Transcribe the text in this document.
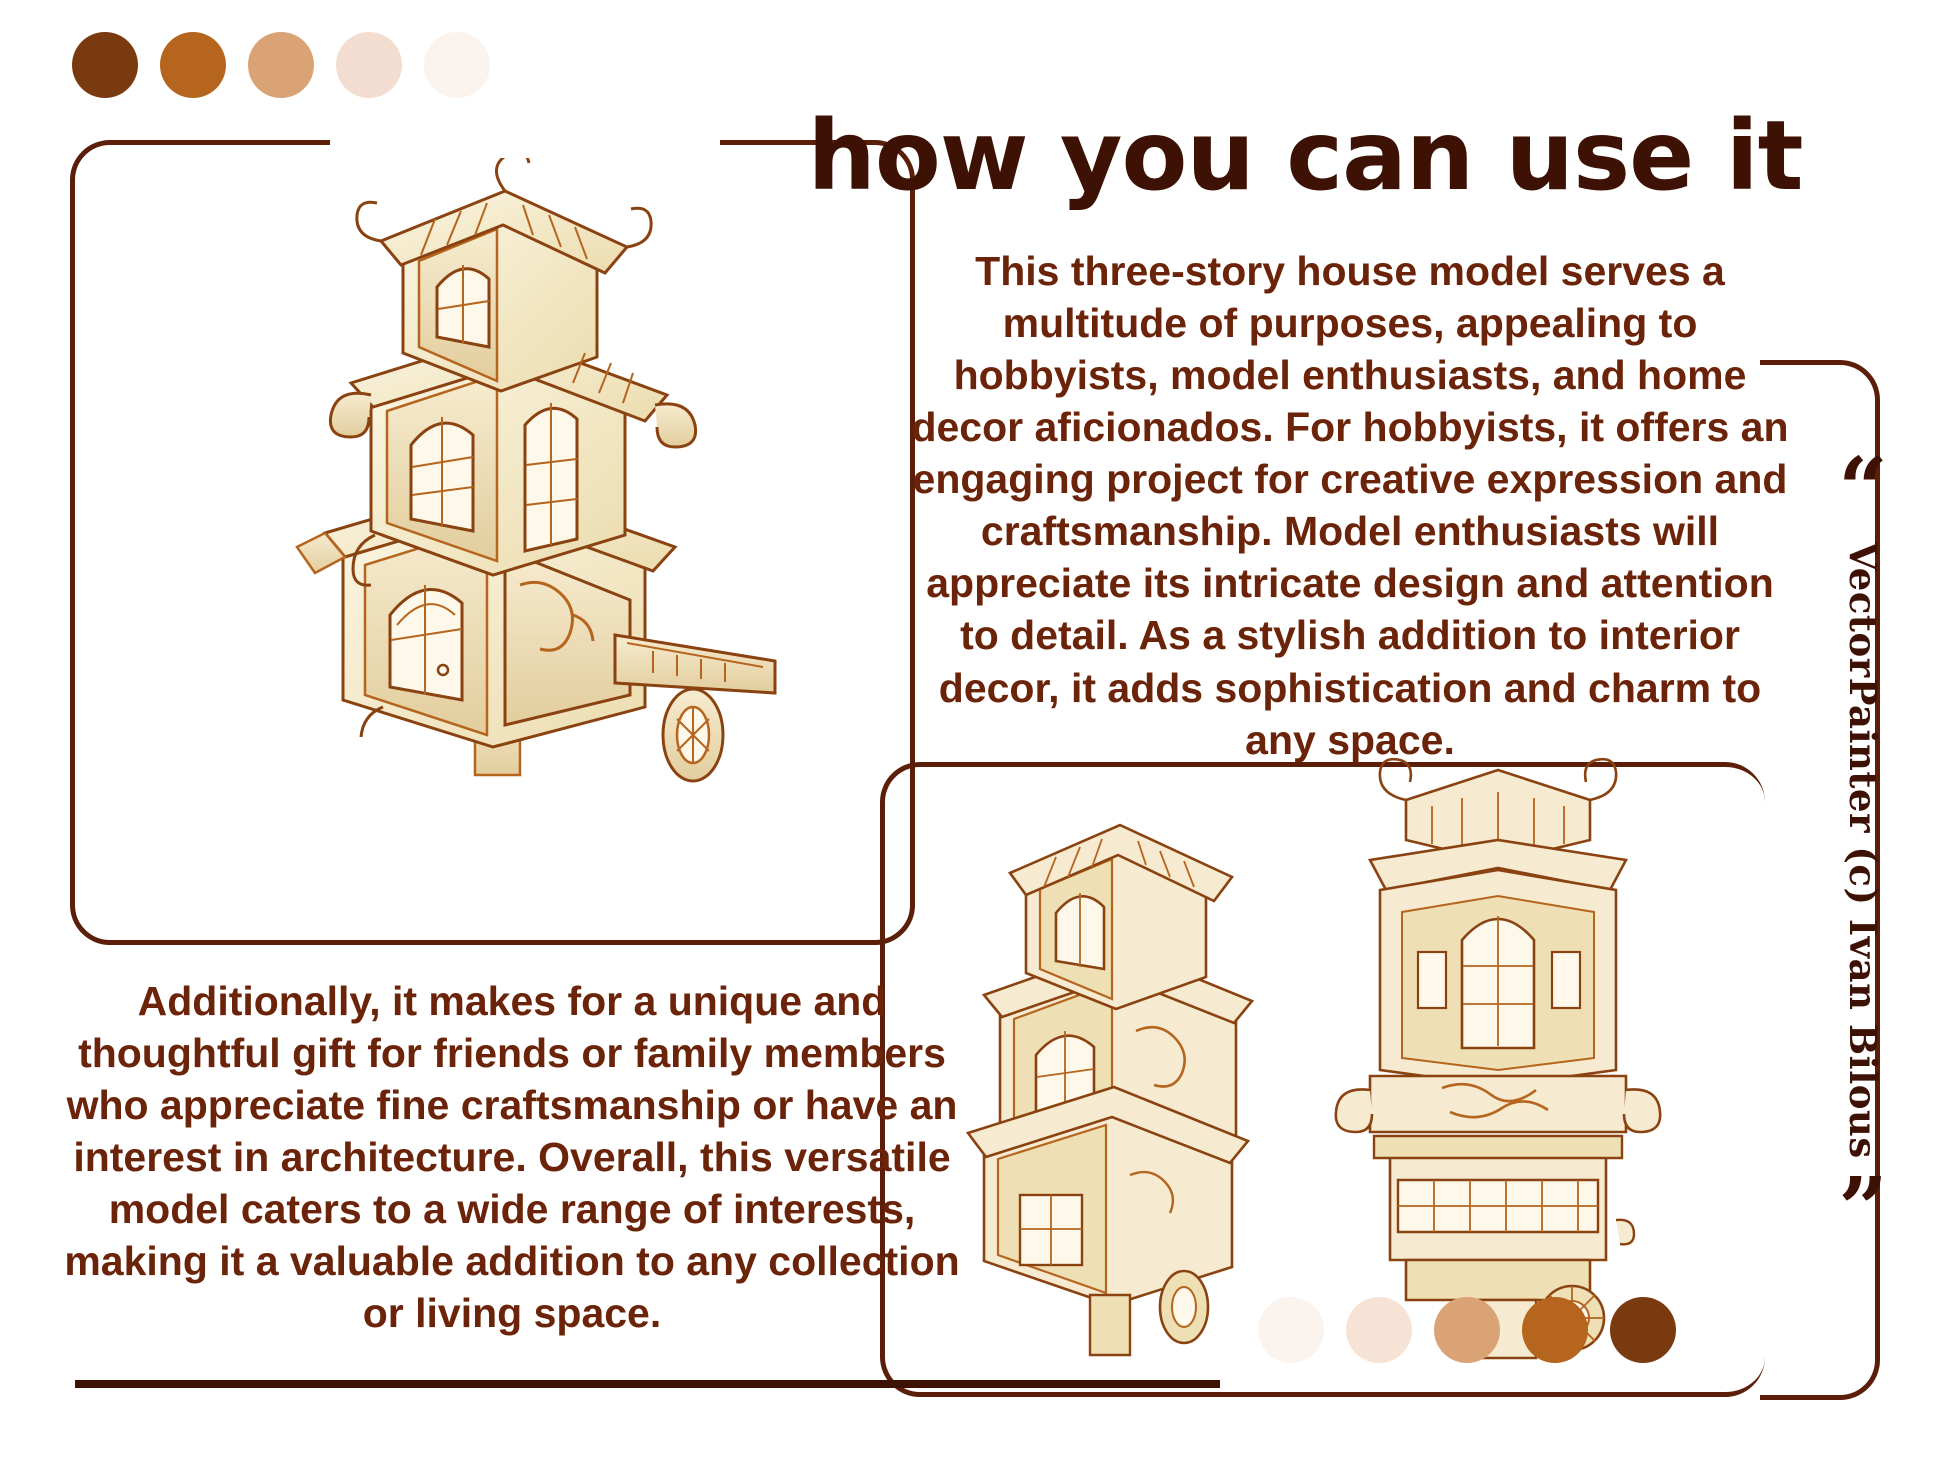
how you can use it
This three-story house model serves a multitude of purposes, appealing to hobbyists, model enthusiasts, and home decor aficionados. For hobbyists, it offers an engaging project for creative expression and craftsmanship. Model enthusiasts will appreciate its intricate design and attention to detail. As a stylish addition to interior decor, it adds sophistication and charm to any space.
Additionally, it makes for a unique and thoughtful gift for friends or family members who appreciate fine craftsmanship or have an interest in architecture. Overall, this versatile model caters to a wide range of interests, making it a valuable addition to any collection or living space.
“
VectorPainter (c) Ivan Bilous
”
